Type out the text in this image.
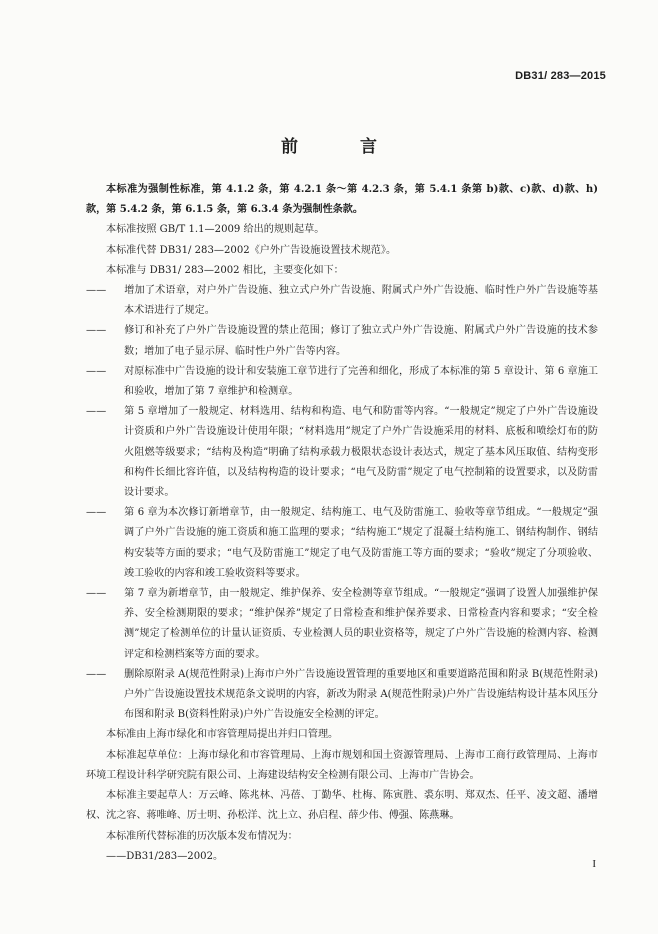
DB31/ 283—2015
前 言

本标准为强制性标准，第 4.1.2 条，第 4.2.1 条～第 4.2.3 条，第 5.4.1 条第 b)款、c)款、d)款、h)款，第 5.4.2 条，第 6.1.5 条，第 6.3.4 条为强制性条款。

本标准按照 GB/T 1.1—2009 给出的规则起草。

本标准代替 DB31/ 283—2002《户外广告设施设置技术规范》。

本标准与 DB31/ 283—2002 相比，主要变化如下：

—— 增加了术语章，对户外广告设施、独立式户外广告设施、附属式户外广告设施、临时性户外广告设施等基本术语进行了规定。

—— 修订和补充了户外广告设施设置的禁止范围；修订了独立式户外广告设施、附属式户外广告设施的技术参数；增加了电子显示屏、临时性户外广告等内容。

—— 对原标准中广告设施的设计和安装施工章节进行了完善和细化，形成了本标准的第 5 章设计、第 6 章施工和验收，增加了第 7 章维护和检测章。

—— 第 5 章增加了一般规定、材料选用、结构和构造、电气和防雷等内容。“一般规定”规定了户外广告设施设计资质和户外广告设施设计使用年限；“材料选用”规定了户外广告设施采用的材料、底板和喷绘灯布的防火阻燃等级要求；“结构及构造”明确了结构承载力极限状态设计表达式，规定了基本风压取值、结构变形和构件长细比容许值，以及结构构造的设计要求；“电气及防雷”规定了电气控制箱的设置要求，以及防雷设计要求。

—— 第 6 章为本次修订新增章节，由一般规定、结构施工、电气及防雷施工、验收等章节组成。“一般规定”强调了户外广告设施的施工资质和施工监理的要求；“结构施工”规定了混凝土结构施工、钢结构制作、钢结构安装等方面的要求；“电气及防雷施工”规定了电气及防雷施工等方面的要求；“验收”规定了分项验收、竣工验收的内容和竣工验收资料等要求。

—— 第 7 章为新增章节，由一般规定、维护保养、安全检测等章节组成。“一般规定”强调了设置人加强维护保养、安全检测期限的要求；“维护保养”规定了日常检查和维护保养要求、日常检查内容和要求；“安全检测”规定了检测单位的计量认证资质、专业检测人员的职业资格等，规定了户外广告设施的检测内容、检测评定和检测档案等方面的要求。

—— 删除原附录 A(规范性附录)上海市户外广告设施设置管理的重要地区和重要道路范围和附录 B(规范性附录)户外广告设施设置技术规范条文说明的内容，新改为附录 A(规范性附录)户外广告设施结构设计基本风压分布图和附录 B(资料性附录)户外广告设施安全检测的评定。

本标准由上海市绿化和市容管理局提出并归口管理。

本标准起草单位：上海市绿化和市容管理局、上海市规划和国土资源管理局、上海市工商行政管理局、上海市环境工程设计科学研究院有限公司、上海建设结构安全检测有限公司、上海市广告协会。

本标准主要起草人：万云峰、陈兆林、冯蓓、丁勤华、杜梅、陈寅胜、裘东明、郑双杰、任平、凌文超、潘增权、沈之容、蒋唯峰、厉士明、孙松洋、沈上立、孙启程、薛少伟、傅强、陈燕琳。

本标准所代替标准的历次版本发布情况为：

——DB31/283—2002。

I
